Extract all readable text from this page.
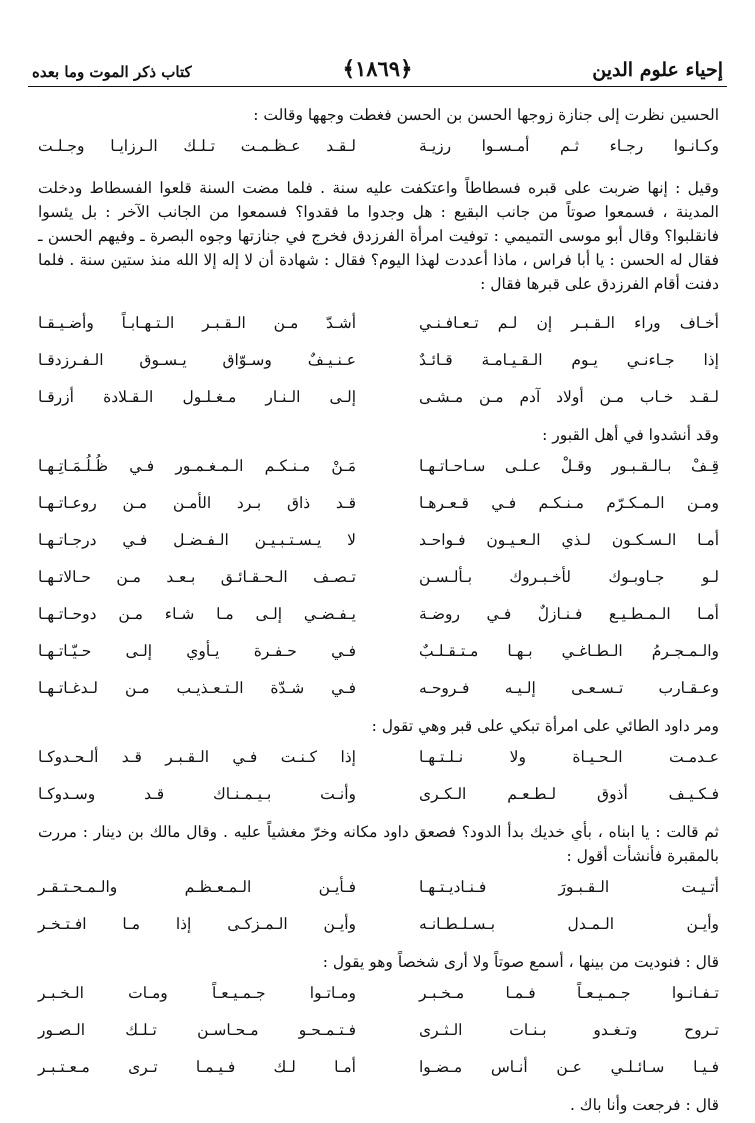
كتاب ذكر الموت وما بعده	﴾١٨٦٩﴿	إحياء علوم الدين

الحسين نظرت إلى جنازة زوجها الحسن بن الحسن فغطت وجهها وقالت :

وكـانـوا رجـاء ثـم أمـسـوا رزيـة
لـقـد عـظـمـت تـلـك الـرزايـا وجـلـت

وقيل : إنها ضربت على قبره فسطاطاً واعتكفت عليه سنة . فلما مضت السنة قلعوا الفسطاط ودخلت المدينة ، فسمعوا صوتاً من جانب البقيع : هل وجدوا ما فقدوا؟ فسمعوا من الجانب الآخر : بل يئسوا فانقلبوا؟ وقال أبو موسى التميمي : توفيت امرأة الفرزدق فخرج في جنازتها وجوه البصرة ـ وفيهم الحسن ـ فقال له الحسن : يا أبا فراس ، ماذا أعددت لهذا اليوم؟ فقال : شهادة أن لا إله إلا الله منذ ستين سنة . فلما دفنت أقام الفرزدق على قبرها فقال :

أخـاف وراء الـقـبـر إن لـم تـعـافـنـي
أشـدّ مـن الـقـبـر الـتـهـابـاً وأضـيـقـا
إذا جـاءنـي يـوم الـقـيـامـة قـائـدٌ
عـنـيـفٌ وسـوّاق يـسـوق الـفـرزدقـا
لـقـد خـاب مـن أولاد آدم مـن مـشـى
إلـى الـنـار مـغـلـول الـقـلادة أزرقـا

وقد أنشدوا في أهل القبور :

قِـفْ بـالـقـبـور وقـلْ عـلـى سـاحـاتـهـا
مَـنْ مـنـكـم الـمـغـمـور فـي ظُـلُـمَـاتِـهـا
ومـن الـمـكـرّم مـنـكـم فـي قـعـرهـا
قـد ذاق بـرد الأمـن مـن روعـاتـهـا
أمـا الـسـكـون لـذي الـعـيـون فـواحـد
لا يـسـتـبـيـن الـفـضـل فـي درجـاتـهـا
لـو جـاوبـوك لأخـبـروك بـألـسـن
تـصـف الـحـقـائـق بـعـد مـن حـالاتـهـا
أمـا الـمـطـيـع فـنـازلٌ فـي روضـة
يـفـضـي إلـى مـا شـاء مـن دوحـاتـهـا
والـمـجـرمُ الـطـاغـي بـهـا مـتـقـلـبٌ
فـي حـفـرة يـأوي إلـى حـيّـاتـهـا
وعـقـارب تـسـعـى إلـيـه فـروحـه
فـي شـدّة الـتـعـذيـب مـن لـدغـاتـهـا

ومر داود الطائي على امرأة تبكي على قبر وهي تقول :

عـدمـت الـحـيـاة ولا نـلـتـهـا
إذا كـنـت فـي الـقـبـر قـد ألـحـدوكـا
فـكـيـف أذوق لـطـعـم الـكـرى
وأنـت بـيـمـنـاك قـد وسـدوكـا

ثم قالت : يا ابناه ، بأي خديك بدأ الدود؟ فصعق داود مكانه وخرّ مغشياً عليه . وقال مالك بن دينار : مررت بالمقبرة فأنشأت أقول :

أتـيـت الـقـبـورَ فـنـاديـتـهـا
فـأيـن الـمـعـظـم والـمـحـتـقـر
وأيـن الـمـدل بـسـلـطـانـه
وأيـن الـمـزكـى إذا مـا افـتـخـر

قال : فنوديت من بينها ، أسمع صوتاً ولا أرى شخصاً وهو يقول :

تـفـانـوا جـمـيـعـاً فـمـا مـخـبـر
ومـاتـوا جـمـيـعـاً ومـات الـخـبـر
تـروح وتـغـدو بـنـات الـثـرى
فـتـمـحـو مـحـاسـن تـلـك الـصـور
فـيـا سـائـلـي عـن أنـاس مـضـوا
أمـا لـك فـيـمـا تـرى مـعـتـبـر

قال : فرجعت وأنا باك .
